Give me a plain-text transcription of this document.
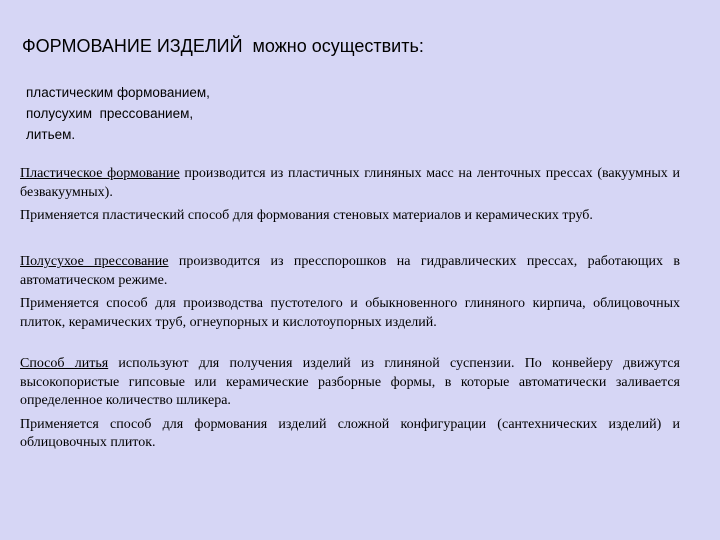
ФОРМОВАНИЕ ИЗДЕЛИЙ  можно осуществить:
пластическим формованием,
полусухим  прессованием,
литьем.

Пластическое формование производится из пластичных глиняных масс на ленточных прессах (вакуумных и безвакуумных).

Применяется пластический способ для формования стеновых материалов и керамических труб.

Полусухое прессование производится из пресспорошков на гидравлических прессах, работающих в автоматическом режиме.

Применяется способ для производства пустотелого и обыкновенного глиняного кирпича, облицовочных плиток, керамических труб, огнеупорных и кислотоупорных изделий.

Способ литья используют для получения изделий из глиняной суспензии. По конвейеру движутся высокопористые гипсовые или керамические разборные формы, в которые автоматически заливается определенное количество шликера.

Применяется способ для формования изделий сложной конфигурации (сантехнических изделий) и облицовочных плиток.
